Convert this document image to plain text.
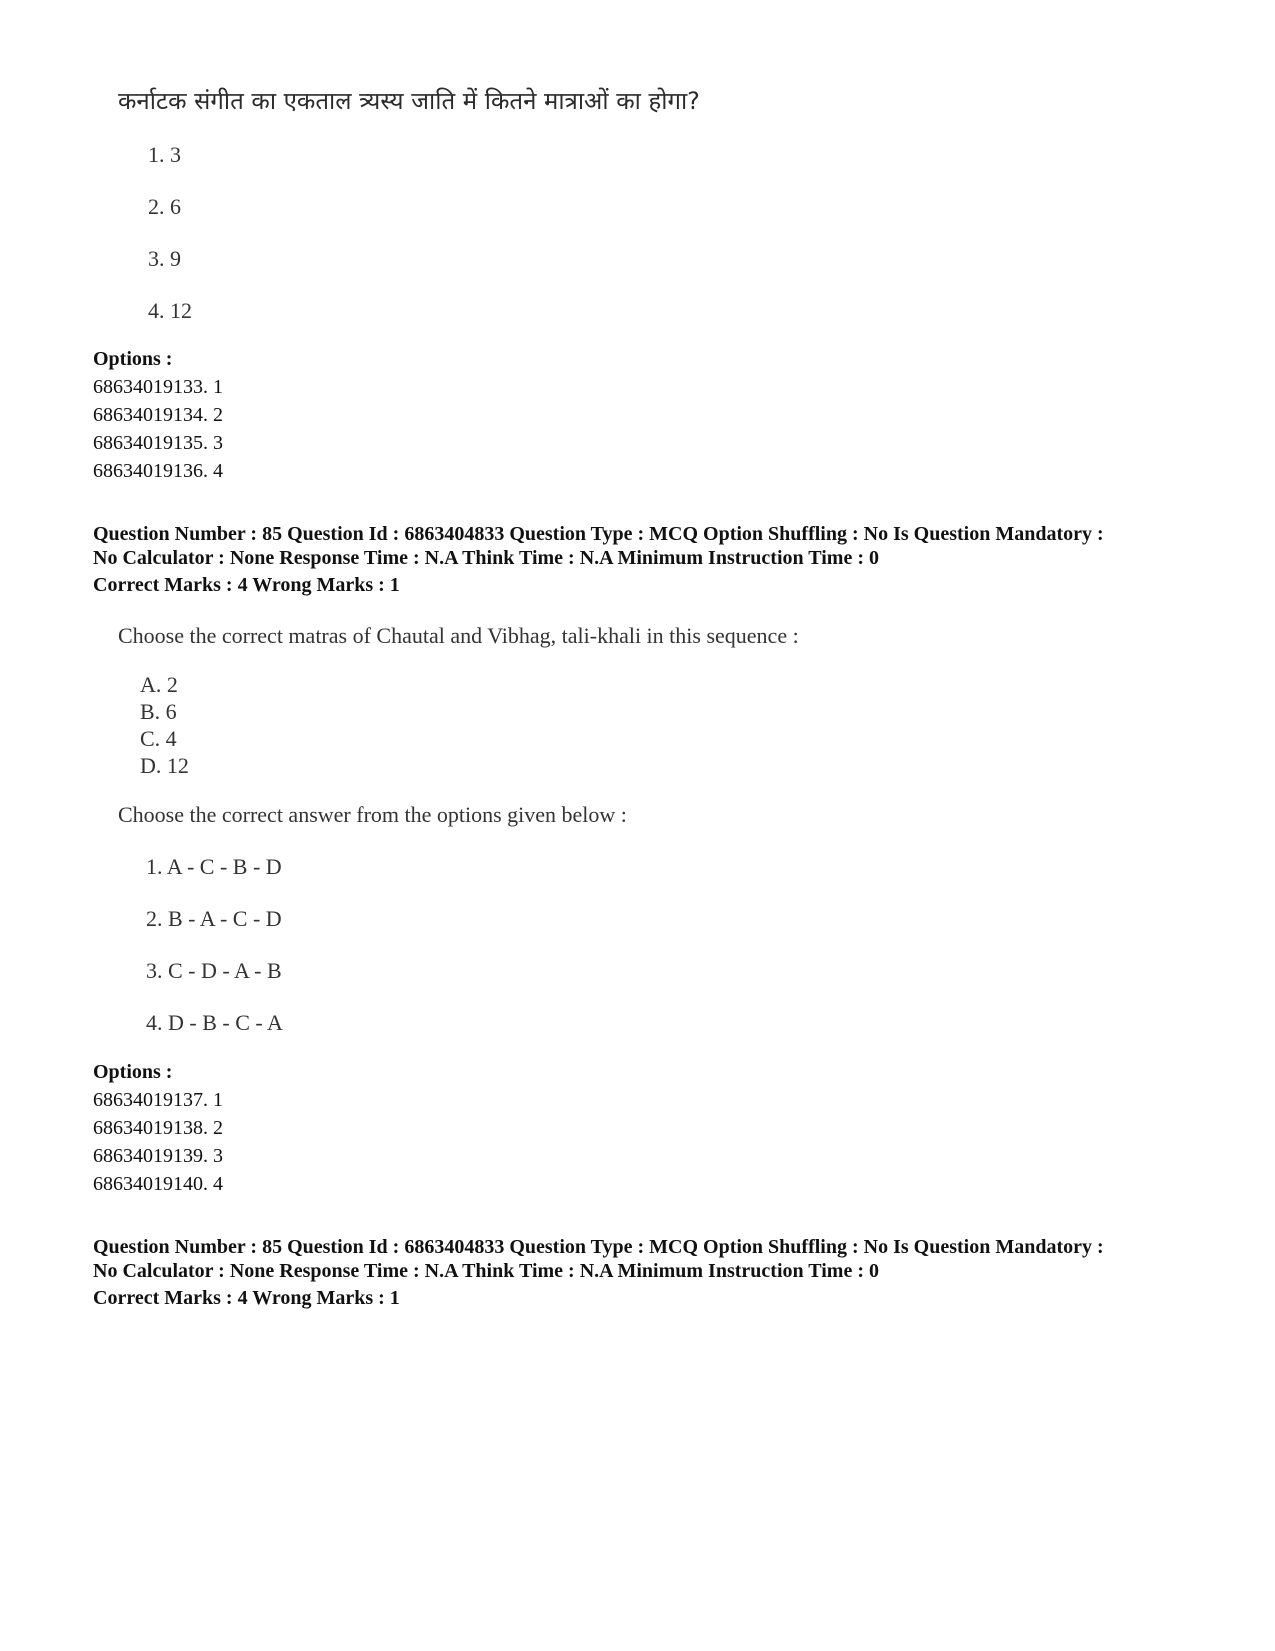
कर्नाटक संगीत का एकताल त्र्यस्य जाति में कितने मात्राओं का होगा?
1. 3
2. 6
3. 9
4. 12
Options :
68634019133. 1
68634019134. 2
68634019135. 3
68634019136. 4
Question Number : 85 Question Id : 6863404833 Question Type : MCQ Option Shuffling : No Is Question Mandatory :
No Calculator : None Response Time : N.A Think Time : N.A Minimum Instruction Time : 0
Correct Marks : 4 Wrong Marks : 1
Choose the correct matras of Chautal and Vibhag, tali-khali in this sequence :
A. 2
B. 6
C. 4
D. 12
Choose the correct answer from the options given below :
1. A - C - B - D
2. B - A - C - D
3. C - D - A - B
4. D - B - C - A
Options :
68634019137. 1
68634019138. 2
68634019139. 3
68634019140. 4
Question Number : 85 Question Id : 6863404833 Question Type : MCQ Option Shuffling : No Is Question Mandatory :
No Calculator : None Response Time : N.A Think Time : N.A Minimum Instruction Time : 0
Correct Marks : 4 Wrong Marks : 1
